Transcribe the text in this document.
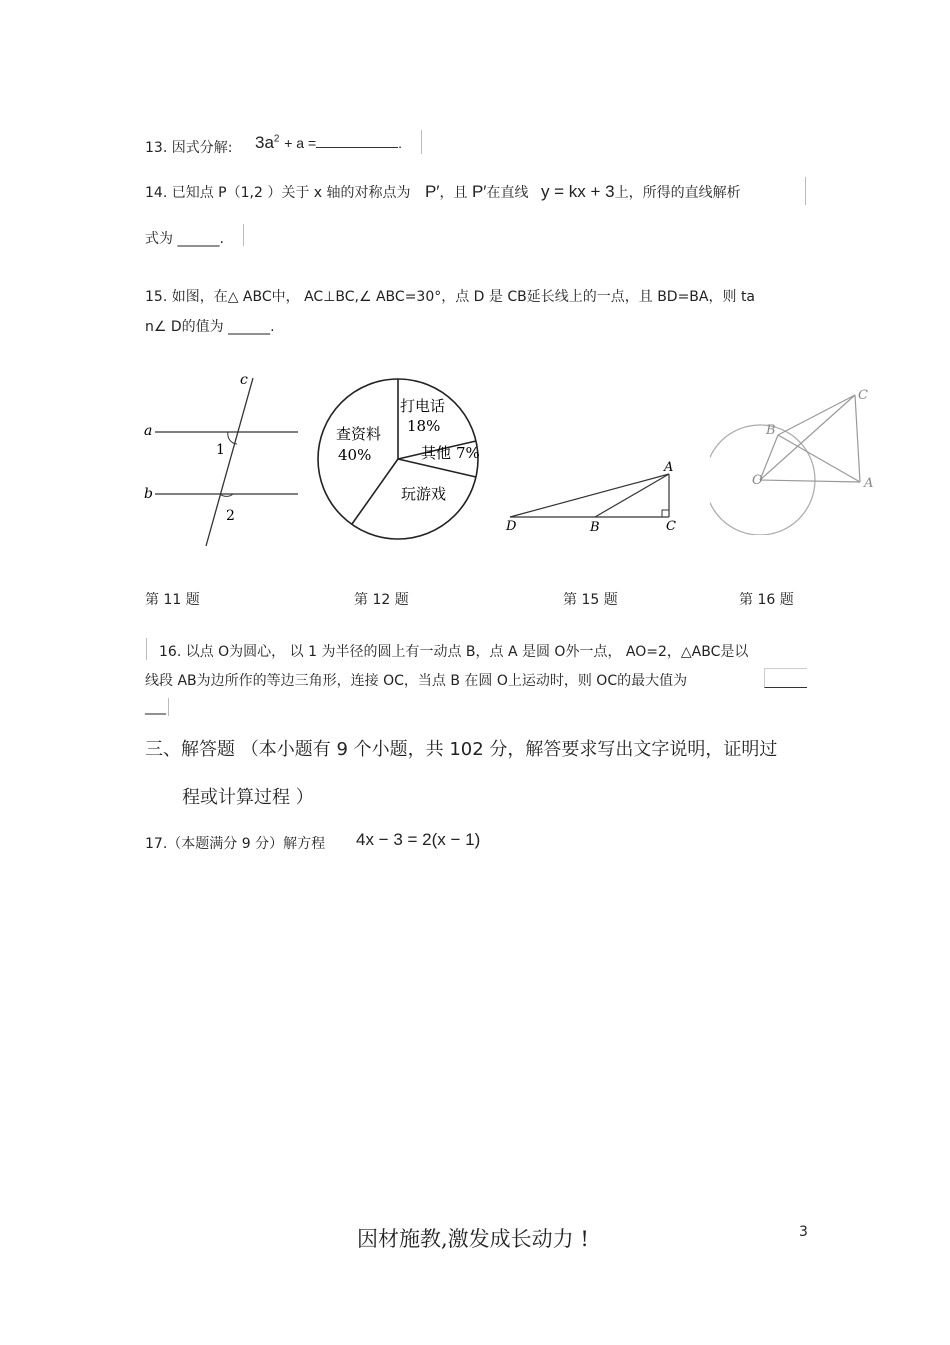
13. 因式分解: $3a^2 + a$ =	.
14. 已知点 P（1,2 ）关于 x 轴的对称点为 P′，且 P′在直线 y = kx + 3上，所得的直线解析
式为 ______.
15. 如图，在△ ABC中， AC⊥BC,∠ ABC=30°，点 D 是 CB延长线上的一点，且 BD=BA，则 ta
n∠ D的值为 ______.
c
a
b
1
2
打电话
18%
其他 7%
玩游戏
查资料
40%
A
B	C
D
C
B
O	A
第 11 题	第 12 题	第 15 题	第 16 题
16. 以点 O为圆心， 以 1 为半径的圆上有一动点 B，点 A 是圆 O外一点， AO=2，△ABC是以
线段 AB为边所作的等边三角形，连接 OC，当点 B 在圆 O上运动时，则 OC的最大值为
___
三、解答题 （本小题有 9 个小题，共 102 分，解答要求写出文字说明，证明过
程或计算过程 ）
17.（本题满分 9 分）解方程 4x − 3 = 2(x − 1)
因材施教,激发成长动力 !	3
